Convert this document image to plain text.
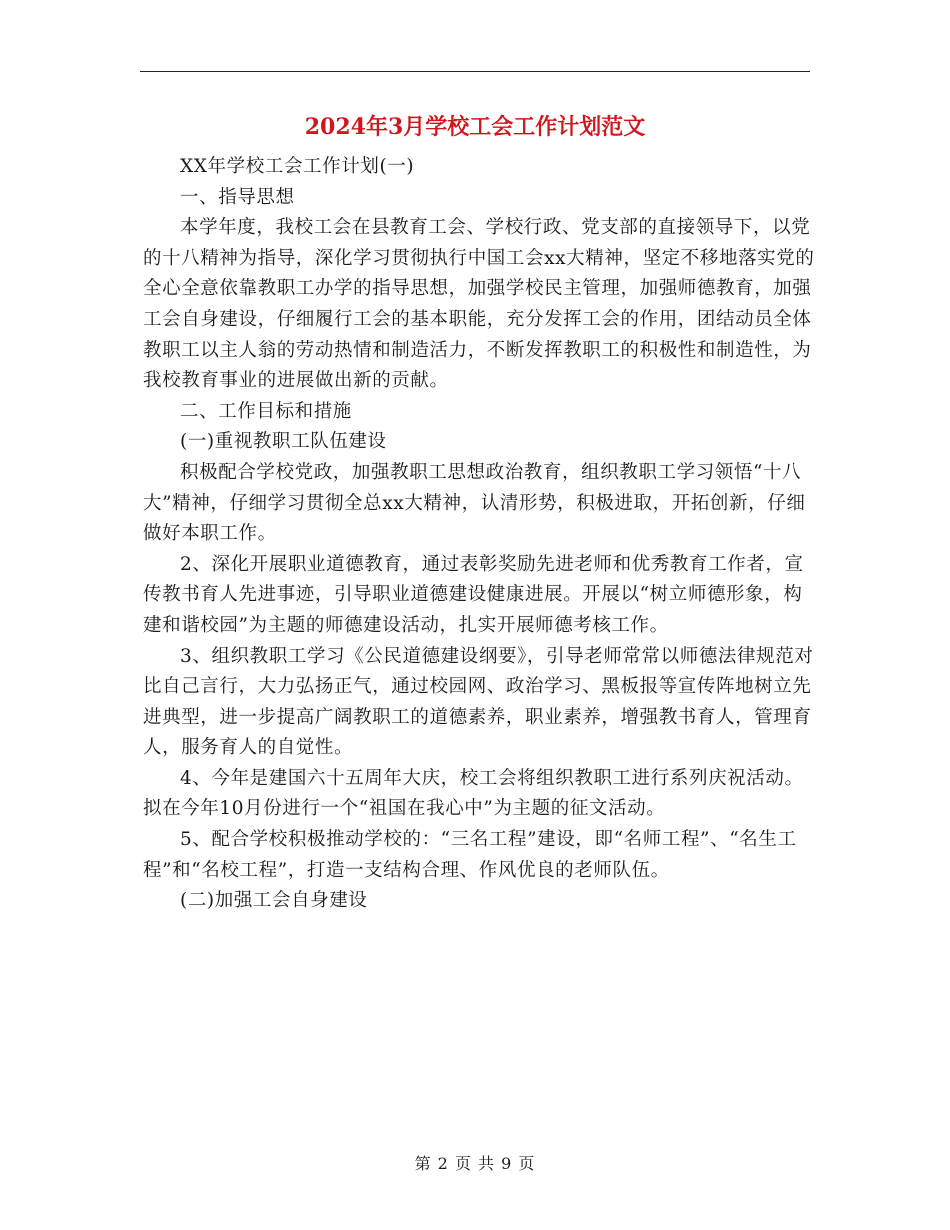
2024年3月学校工会工作计划范文

XX年学校工会工作计划(一)

一、指导思想

本学年度，我校工会在县教育工会、学校行政、党支部的直接领导下，以党的十八精神为指导，深化学习贯彻执行中国工会xx大精神，坚定不移地落实党的全心全意依靠教职工办学的指导思想，加强学校民主管理，加强师德教育，加强工会自身建设，仔细履行工会的基本职能，充分发挥工会的作用，团结动员全体教职工以主人翁的劳动热情和制造活力，不断发挥教职工的积极性和制造性，为我校教育事业的进展做出新的贡献。

二、工作目标和措施

(一)重视教职工队伍建设

积极配合学校党政，加强教职工思想政治教育，组织教职工学习领悟“十八大”精神，仔细学习贯彻全总xx大精神，认清形势，积极进取，开拓创新，仔细做好本职工作。

2、深化开展职业道德教育，通过表彰奖励先进老师和优秀教育工作者，宣传教书育人先进事迹，引导职业道德建设健康进展。开展以“树立师德形象，构建和谐校园”为主题的师德建设活动，扎实开展师德考核工作。

3、组织教职工学习《公民道德建设纲要》，引导老师常常以师德法律规范对比自己言行，大力弘扬正气，通过校园网、政治学习、黑板报等宣传阵地树立先进典型，进一步提高广阔教职工的道德素养，职业素养，增强教书育人，管理育人，服务育人的自觉性。

4、今年是建国六十五周年大庆，校工会将组织教职工进行系列庆祝活动。拟在今年10月份进行一个“祖国在我心中”为主题的征文活动。

5、配合学校积极推动学校的：“三名工程”建设，即“名师工程”、“名生工程”和“名校工程”，打造一支结构合理、作风优良的老师队伍。

(二)加强工会自身建设

第 2 页 共 9 页
